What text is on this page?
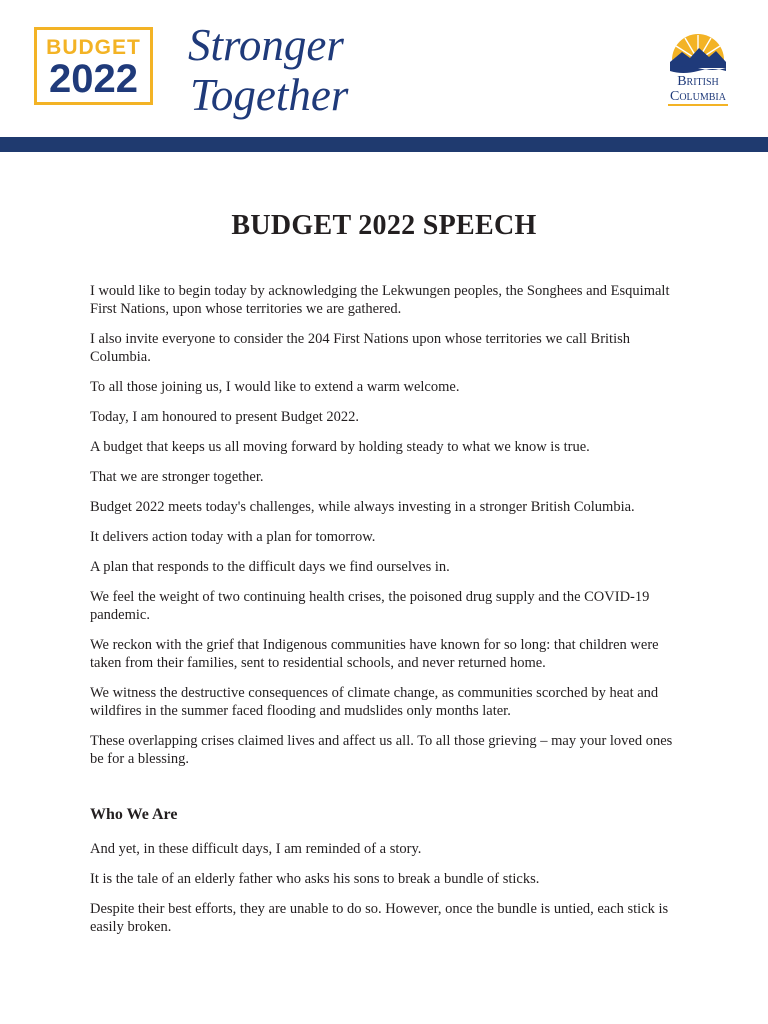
BUDGET
2022
Stronger
Together	British
Columbia
BUDGET 2022 SPEECH

I would like to begin today by acknowledging the Lekwungen peoples, the Songhees and Esquimalt First Nations, upon whose territories we are gathered.

I also invite everyone to consider the 204 First Nations upon whose territories we call British Columbia.

To all those joining us, I would like to extend a warm welcome.

Today, I am honoured to present Budget 2022.

A budget that keeps us all moving forward by holding steady to what we know is true.

That we are stronger together.

Budget 2022 meets today's challenges, while always investing in a stronger British Columbia.

It delivers action today with a plan for tomorrow.

A plan that responds to the difficult days we find ourselves in.

We feel the weight of two continuing health crises, the poisoned drug supply and the COVID-19 pandemic.

We reckon with the grief that Indigenous communities have known for so long: that children were taken from their families, sent to residential schools, and never returned home.

We witness the destructive consequences of climate change, as communities scorched by heat and wildfires in the summer faced flooding and mudslides only months later.

These overlapping crises claimed lives and affect us all. To all those grieving – may your loved ones be for a blessing.

Who We Are

And yet, in these difficult days, I am reminded of a story.

It is the tale of an elderly father who asks his sons to break a bundle of sticks.

Despite their best efforts, they are unable to do so. However, once the bundle is untied, each stick is easily broken.
